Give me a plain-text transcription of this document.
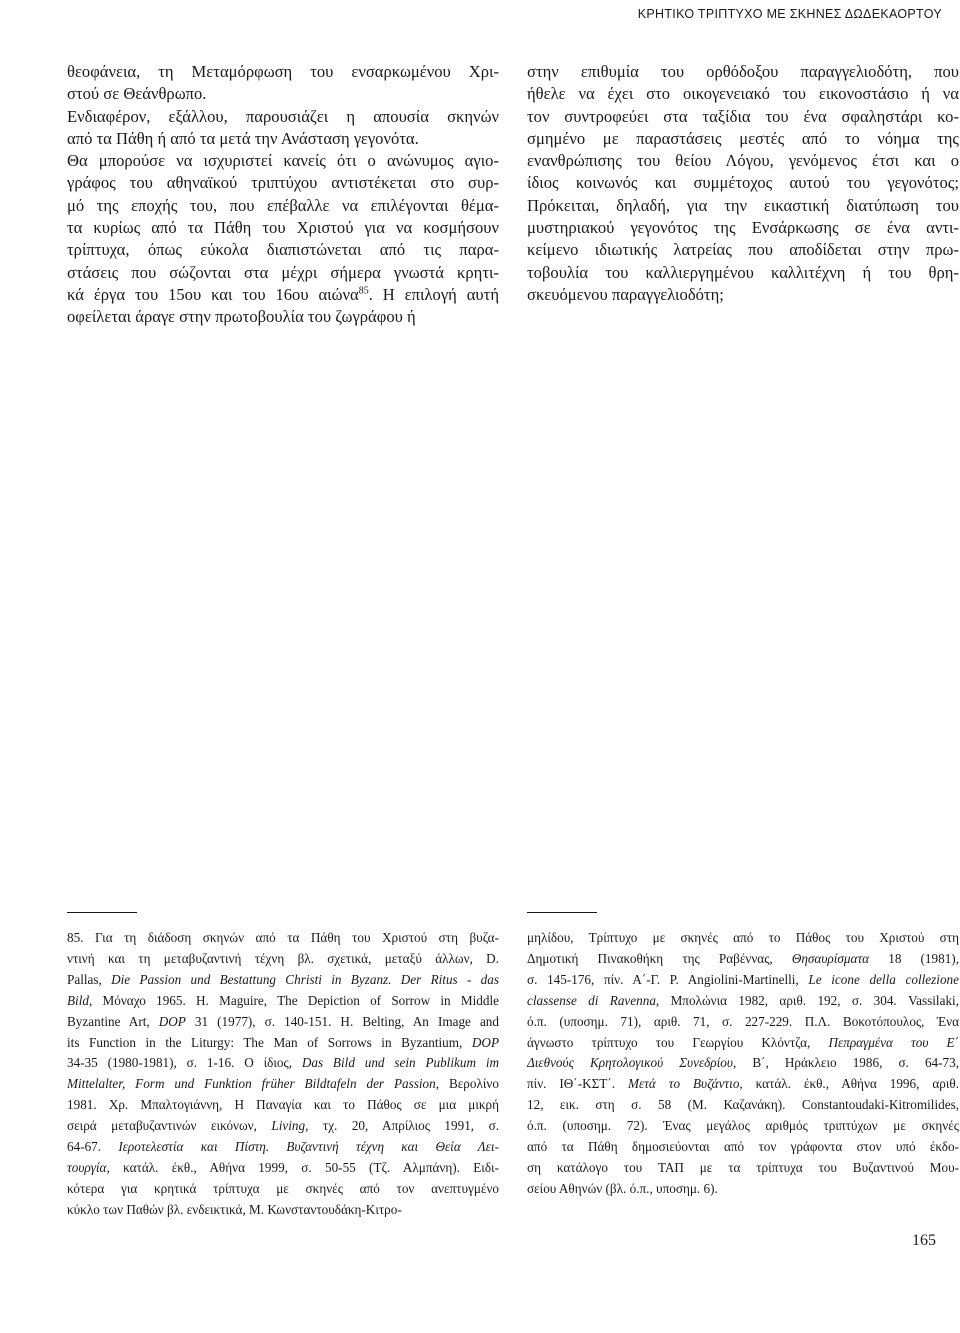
ΚΡΗΤΙΚΟ ΤΡΙΠΤΥΧΟ ΜΕ ΣΚΗΝΕΣ ΔΩΔΕΚΑΟΡΤΟΥ
θεοφάνεια, τη Μεταμόρφωση του ενσαρκωμένου Χρι-
στού σε Θεάνθρωπο.
Ενδιαφέρον, εξάλλου, παρουσιάζει η απουσία σκηνών
από τα Πάθη ή από τα μετά την Ανάσταση γεγονότα.
Θα μπορούσε να ισχυριστεί κανείς ότι ο ανώνυμος αγιο-
γράφος του αθηναϊκού τριπτύχου αντιστέκεται στο συρ-
μό της εποχής του, που επέβαλλε να επιλέγονται θέμα-
τα κυρίως από τα Πάθη του Χριστού για να κοσμήσουν
τρίπτυχα, όπως εύκολα διαπιστώνεται από τις παρα-
στάσεις που σώζονται στα μέχρι σήμερα γνωστά κρητι-
κά έργα του 15ου και του 16ου αιώνα$^{85}$. Η επιλογή αυτή
οφείλεται άραγε στην πρωτοβουλία του ζωγράφου ή
στην επιθυμία του ορθόδοξου παραγγελιοδότη, που
ήθελε να έχει στο οικογενειακό του εικονοστάσιο ή να
τον συντροφεύει στα ταξίδια του ένα σφαληστάρι κο-
σμημένο με παραστάσεις μεστές από το νόημα της
ενανθρώπισης του θείου Λόγου, γενόμενος έτσι και ο
ίδιος κοινωνός και συμμέτοχος αυτού του γεγονότος;
Πρόκειται, δηλαδή, για την εικαστική διατύπωση του
μυστηριακού γεγονότος της Ενσάρκωσης σε ένα αντι-
κείμενο ιδιωτικής λατρείας που αποδίδεται στην πρω-
τοβουλία του καλλιεργημένου καλλιτέχνη ή του θρη-
σκευόμενου παραγγελιοδότη;
85. Για τη διάδοση σκηνών από τα Πάθη του Χριστού στη βυζα-
ντινή και τη μεταβυζαντινή τέχνη βλ. σχετικά, μεταξύ άλλων, D.
Pallas, Die Passion und Bestattung Christi in Byzanz. Der Ritus - das
Bild, Μόναχο 1965. H. Maguire, The Depiction of Sorrow in Middle
Byzantine Art, DOP 31 (1977), σ. 140-151. H. Belting, An Image and
its Function in the Liturgy: The Man of Sorrows in Byzantium, DOP
34-35 (1980-1981), σ. 1-16. Ο ίδιος, Das Bild und sein Publikum im
Mittelalter, Form und Funktion früher Bildtafeln der Passion, Βερολίνο
1981. Χρ. Μπαλτογιάννη, Η Παναγία και το Πάθος σε μια μικρή
σειρά μεταβυζαντινών εικόνων, Living, τχ. 20, Απρίλιος 1991, σ.
64-67. Ιεροτελεστία και Πίστη. Βυζαντινή τέχνη και Θεία Λει-
τουργία, κατάλ. έκθ., Αθήνα 1999, σ. 50-55 (Τζ. Αλμπάνη). Ειδι-
κότερα για κρητικά τρίπτυχα με σκηνές από τον ανεπτυγμένο
κύκλο των Παθών βλ. ενδεικτικά, Μ. Κωνσταντουδάκη-Κιτρο-
μηλίδου, Τρίπτυχο με σκηνές από το Πάθος του Χριστού στη
Δημοτική Πινακοθήκη της Ραβέννας, Θησαυρίσματα 18 (1981),
σ. 145-176, πίν. Α΄-Γ. P. Angiolini-Martinelli, Le icone della collezione
classense di Ravenna, Μπολώνια 1982, αριθ. 192, σ. 304. Vassilaki,
ό.π. (υποσημ. 71), αριθ. 71, σ. 227-229. Π.Λ. Βοκοτόπουλος, Ένα
άγνωστο τρίπτυχο του Γεωργίου Κλόντζα, Πεπραγμένα του Ε΄
Διεθνούς Κρητολογικού Συνεδρίου, Β΄, Ηράκλειο 1986, σ. 64-73,
πίν. ΙΘ΄-ΚΣΤ΄. Μετά το Βυζάντιο, κατάλ. έκθ., Αθήνα 1996, αριθ.
12, εικ. στη σ. 58 (Μ. Καζανάκη). Constantoudaki-Kitromilides,
ό.π. (υποσημ. 72). Ένας μεγάλος αριθμός τριπτύχων με σκηνές
από τα Πάθη δημοσιεύονται από τον γράφοντα στον υπό έκδο-
ση κατάλογο του ΤΑΠ με τα τρίπτυχα του Βυζαντινού Μου-
σείου Αθηνών (βλ. ό.π., υποσημ. 6).
165
